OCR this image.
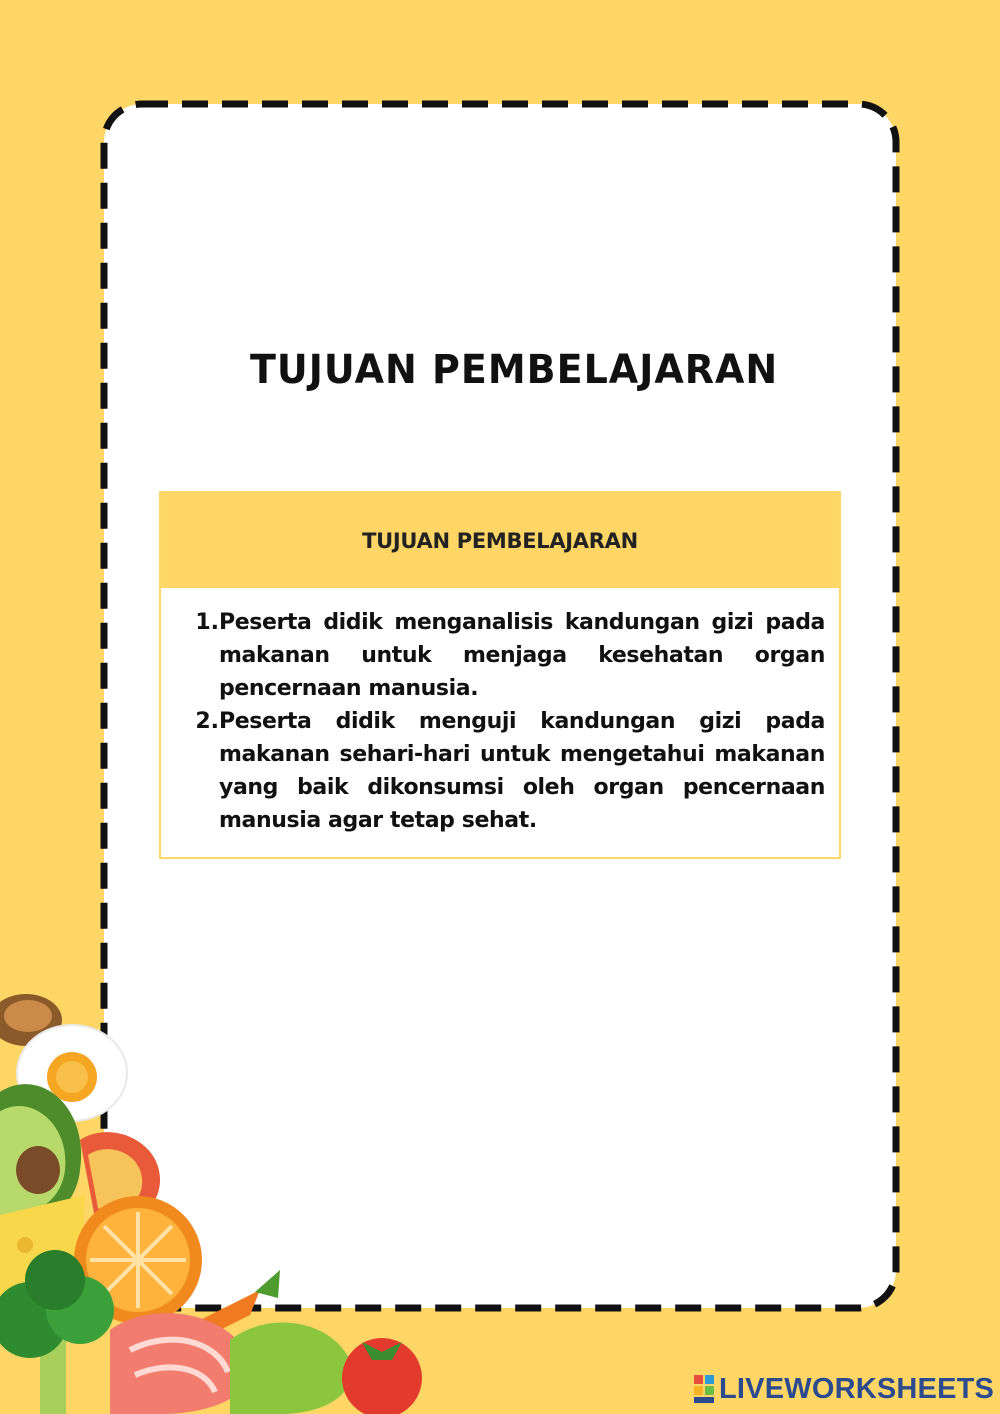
TUJUAN PEMBELAJARAN
TUJUAN PEMBELAJARAN
1. Peserta didik menganalisis kandungan gizi pada makanan untuk menjaga kesehatan organ pencernaan manusia.
2. Peserta didik menguji kandungan gizi pada makanan sehari-hari untuk mengetahui makanan yang baik dikonsumsi oleh organ pencernaan manusia agar tetap sehat.
LIVEWORKSHEETS
